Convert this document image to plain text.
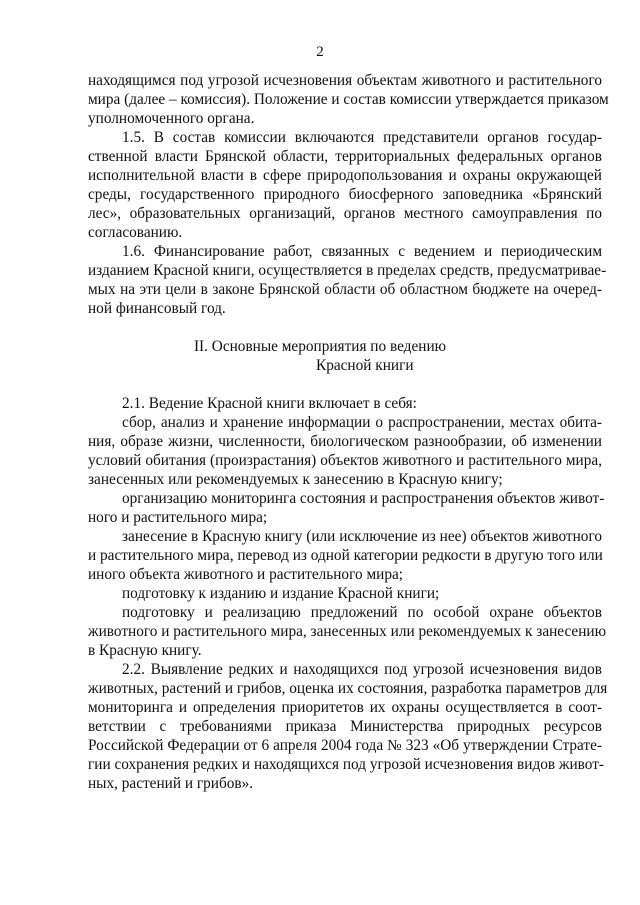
2
находящимся под угрозой исчезновения объектам животного и растительного
мира (далее – комиссия). Положение и состав комиссии утверждается приказом
уполномоченного органа.
1.5. В состав комиссии включаются представители органов государ-
ственной власти Брянской области, территориальных федеральных органов
исполнительной власти в сфере природопользования и охраны окружающей
среды, государственного природного биосферного заповедника «Брянский
лес», образовательных организаций, органов местного самоуправления по
согласованию.
1.6. Финансирование работ, связанных с ведением и периодическим
изданием Красной книги, осуществляется в пределах средств, предусматривае-
мых на эти цели в законе Брянской области об областном бюджете на очеред-
ной финансовый год.
II. Основные мероприятия по ведению
Красной книги
2.1. Ведение Красной книги включает в себя:
сбор, анализ и хранение информации о распространении, местах обита-
ния, образе жизни, численности, биологическом разнообразии, об изменении
условий обитания (произрастания) объектов животного и растительного мира,
занесенных или рекомендуемых к занесению в Красную книгу;
организацию мониторинга состояния и распространения объектов живот-
ного и растительного мира;
занесение в Красную книгу (или исключение из нее) объектов животного
и растительного мира, перевод из одной категории редкости в другую того или
иного объекта животного и растительного мира;
подготовку к изданию и издание Красной книги;
подготовку и реализацию предложений по особой охране объектов
животного и растительного мира, занесенных или рекомендуемых к занесению
в Красную книгу.
2.2. Выявление редких и находящихся под угрозой исчезновения видов
животных, растений и грибов, оценка их состояния, разработка параметров для
мониторинга и определения приоритетов их охраны осуществляется в соот-
ветствии с требованиями приказа Министерства природных ресурсов
Российской Федерации от 6 апреля 2004 года № 323 «Об утверждении Страте-
гии сохранения редких и находящихся под угрозой исчезновения видов живот-
ных, растений и грибов».
